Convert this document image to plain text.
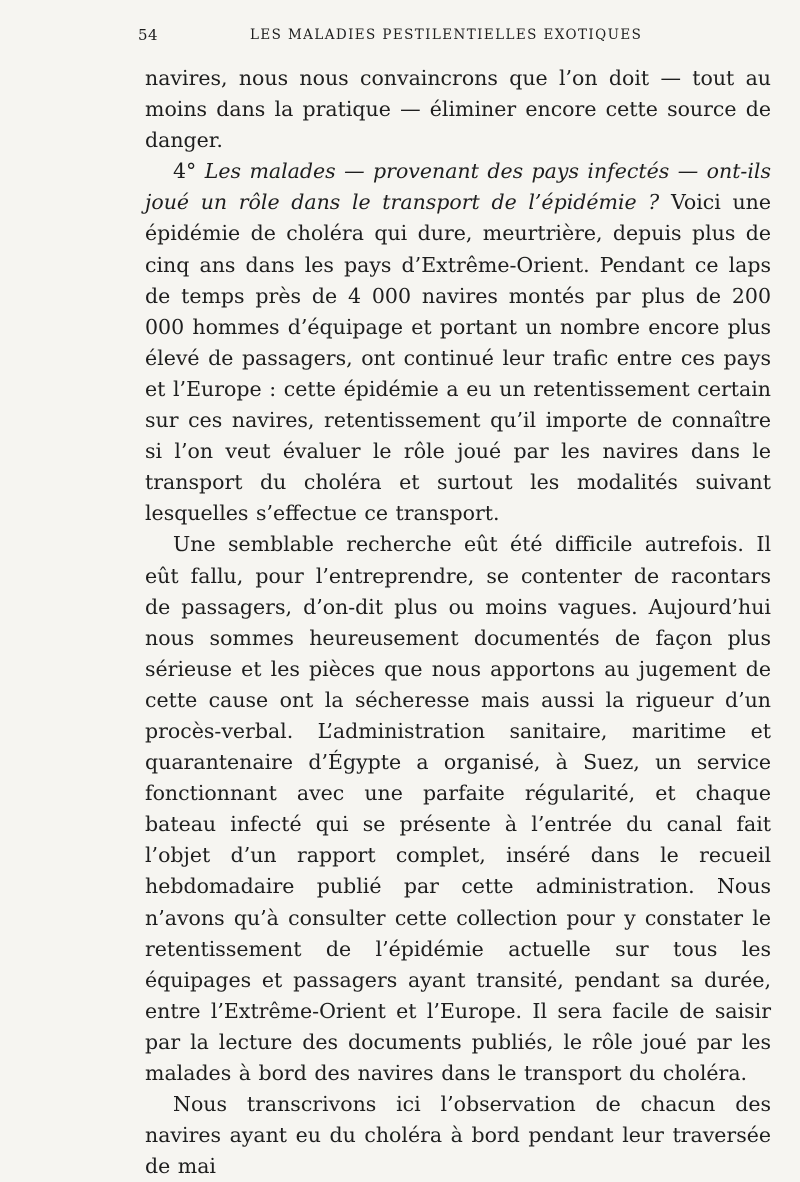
54	LES MALADIES PESTILENTIELLES EXOTIQUES

navires, nous nous convaincrons que l’on doit — tout au moins dans la pratique — éliminer encore cette source de danger.

4° Les malades — provenant des pays infectés — ont-ils joué un rôle dans le transport de l’épidémie ? Voici une épidémie de choléra qui dure, meurtrière, depuis plus de cinq ans dans les pays d’Extrême-Orient. Pendant ce laps de temps près de 4 000 navires montés par plus de 200 000 hommes d’équipage et portant un nombre encore plus élevé de passagers, ont continué leur trafic entre ces pays et l’Europe : cette épidémie a eu un retentissement certain sur ces navires, retentissement qu’il importe de connaître si l’on veut évaluer le rôle joué par les navires dans le transport du choléra et surtout les modalités suivant lesquelles s’effectue ce transport.

Une semblable recherche eût été difficile autrefois. Il eût fallu, pour l’entreprendre, se contenter de racontars de passagers, d’on-dit plus ou moins vagues. Aujourd’hui nous sommes heureusement documentés de façon plus sérieuse et les pièces que nous apportons au jugement de cette cause ont la sécheresse mais aussi la rigueur d’un procès-verbal. L’administration sanitaire, maritime et quarantenaire d’Égypte a organisé, à Suez, un service fonctionnant avec une parfaite régularité, et chaque bateau infecté qui se présente à l’entrée du canal fait l’objet d’un rapport complet, inséré dans le recueil hebdomadaire publié par cette administration. Nous n’avons qu’à consulter cette collection pour y constater le retentissement de l’épidémie actuelle sur tous les équipages et passagers ayant transité, pendant sa durée, entre l’Extrême-Orient et l’Europe. Il sera facile de saisir par la lecture des documents publiés, le rôle joué par les malades à bord des navires dans le transport du choléra.

Nous transcrivons ici l’observation de chacun des navires ayant eu du choléra à bord pendant leur traversée de mai
